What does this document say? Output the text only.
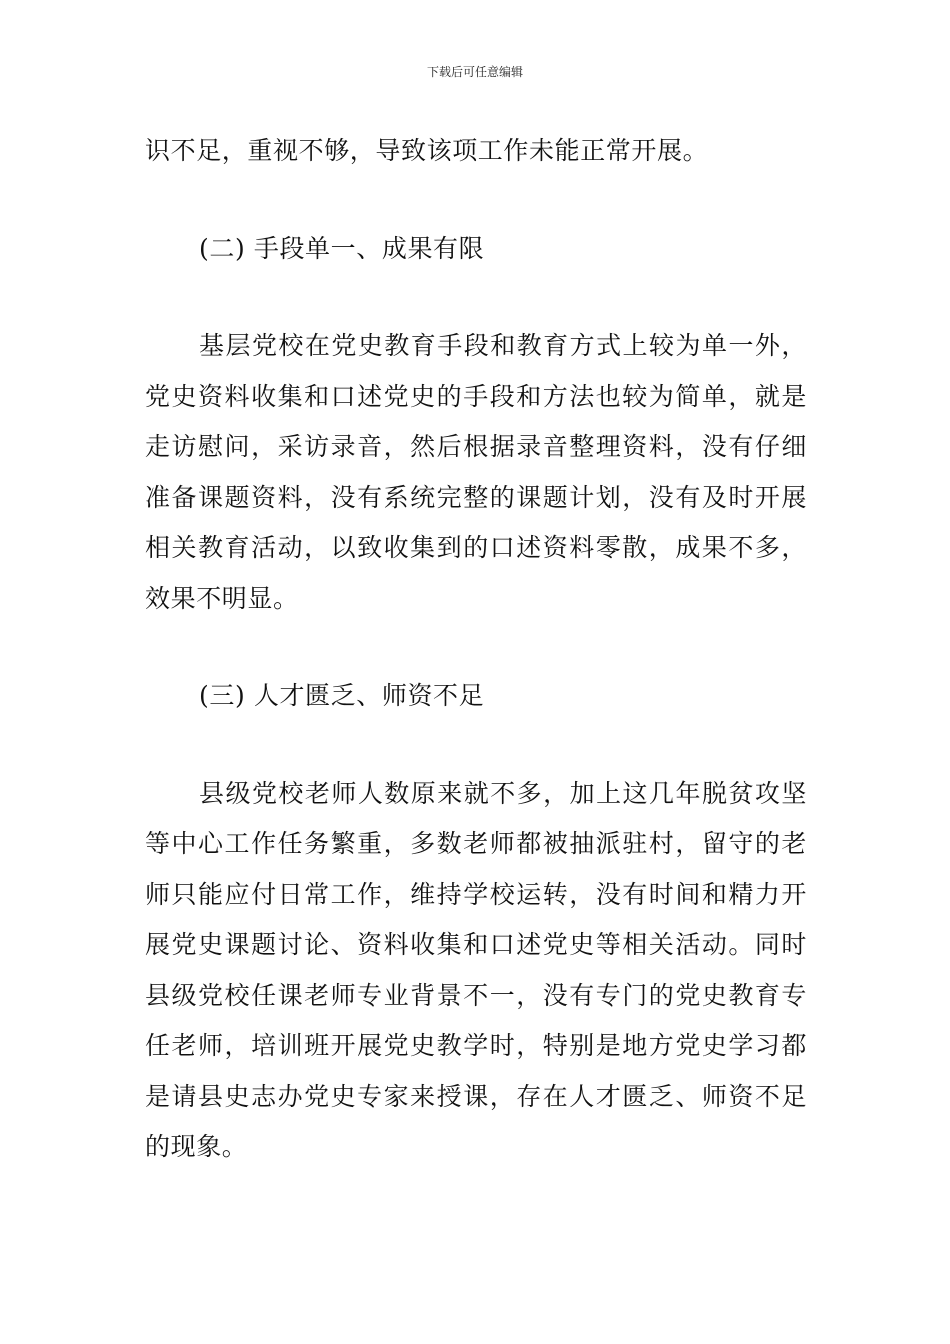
下载后可任意编辑

识不足，重视不够，导致该项工作未能正常开展。

(二) 手段单一、成果有限

基层党校在党史教育手段和教育方式上较为单一外，党史资料收集和口述党史的手段和方法也较为简单，就是走访慰问，采访录音，然后根据录音整理资料，没有仔细准备课题资料，没有系统完整的课题计划，没有及时开展相关教育活动，以致收集到的口述资料零散，成果不多，效果不明显。

(三) 人才匮乏、师资不足

县级党校老师人数原来就不多，加上这几年脱贫攻坚等中心工作任务繁重，多数老师都被抽派驻村，留守的老师只能应付日常工作，维持学校运转，没有时间和精力开展党史课题讨论、资料收集和口述党史等相关活动。同时县级党校任课老师专业背景不一，没有专门的党史教育专任老师，培训班开展党史教学时，特别是地方党史学习都是请县史志办党史专家来授课，存在人才匮乏、师资不足的现象。
